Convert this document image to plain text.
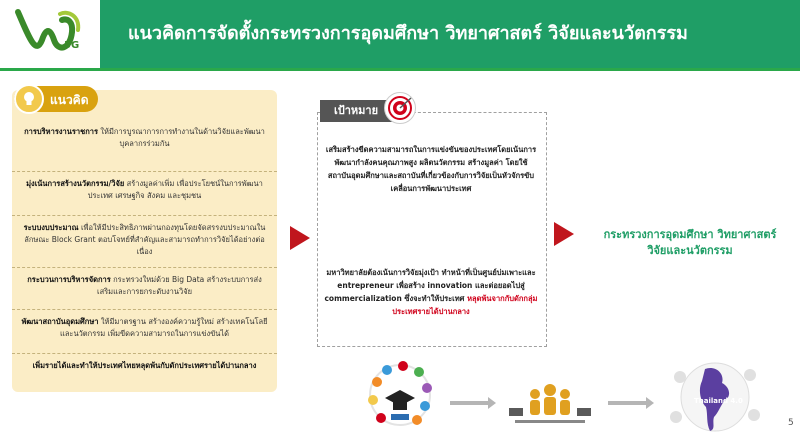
5G
แนวคิดการจัดตั้งกระทรวงการอุดมศึกษา วิทยาศาสตร์ วิจัยและนวัตกรรม
แนวคิด
การบริหารงานราชการ ให้มีการบูรณาการการทำงานในด้านวิจัยและพัฒนาบุคลากรร่วมกัน
มุ่งเน้นการสร้างนวัตกรรม/วิจัย สร้างมูลค่าเพิ่ม เพื่อประโยชน์ในการพัฒนาประเทศ เศรษฐกิจ สังคม และชุมชน
ระบบงบประมาณ เพื่อให้มีประสิทธิภาพผ่านกองทุนโดยจัดสรรงบประมาณในลักษณะ Block Grant ตอบโจทย์ที่สำคัญและสามารถทำการวิจัยได้อย่างต่อเนื่อง
กระบวนการบริหารจัดการ กระทรวงใหม่ด้วย Big Data สร้างระบบการส่งเสริมและการยกระดับงานวิจัย
พัฒนาสถาบันอุดมศึกษา ให้มีมาตรฐาน สร้างองค์ความรู้ใหม่ สร้างเทคโนโลยีและนวัตกรรม เพิ่มขีดความสามารถในการแข่งขันได้
เพิ่มรายได้และทำให้ประเทศไทยหลุดพ้นกับดักประเทศรายได้ปานกลาง
เป้าหมาย
เสริมสร้างขีดความสามารถในการแข่งขันของประเทศโดยเน้นการพัฒนากำลังคนคุณภาพสูง ผลิตนวัตกรรม สร้างมูลค่า โดยใช้สถาบันอุดมศึกษาและสถาบันที่เกี่ยวข้องกับการวิจัยเป็นหัวจักรขับเคลื่อนการพัฒนาประเทศ
มหาวิทยาลัยต้องเน้นการวิจัยมุ่งเป้า ทำหน้าที่เป็นศูนย์บ่มเพาะและ entrepreneur เพื่อสร้าง innovation และต่อยอดไปสู่ commercialization ซึ่งจะทำให้ประเทศ หลุดพ้นจากกับดักกลุ่มประเทศรายได้ปานกลาง
กระทรวงการอุดมศึกษา วิทยาศาสตร์ วิจัยและนวัตกรรม
Thailand 4.0
5
